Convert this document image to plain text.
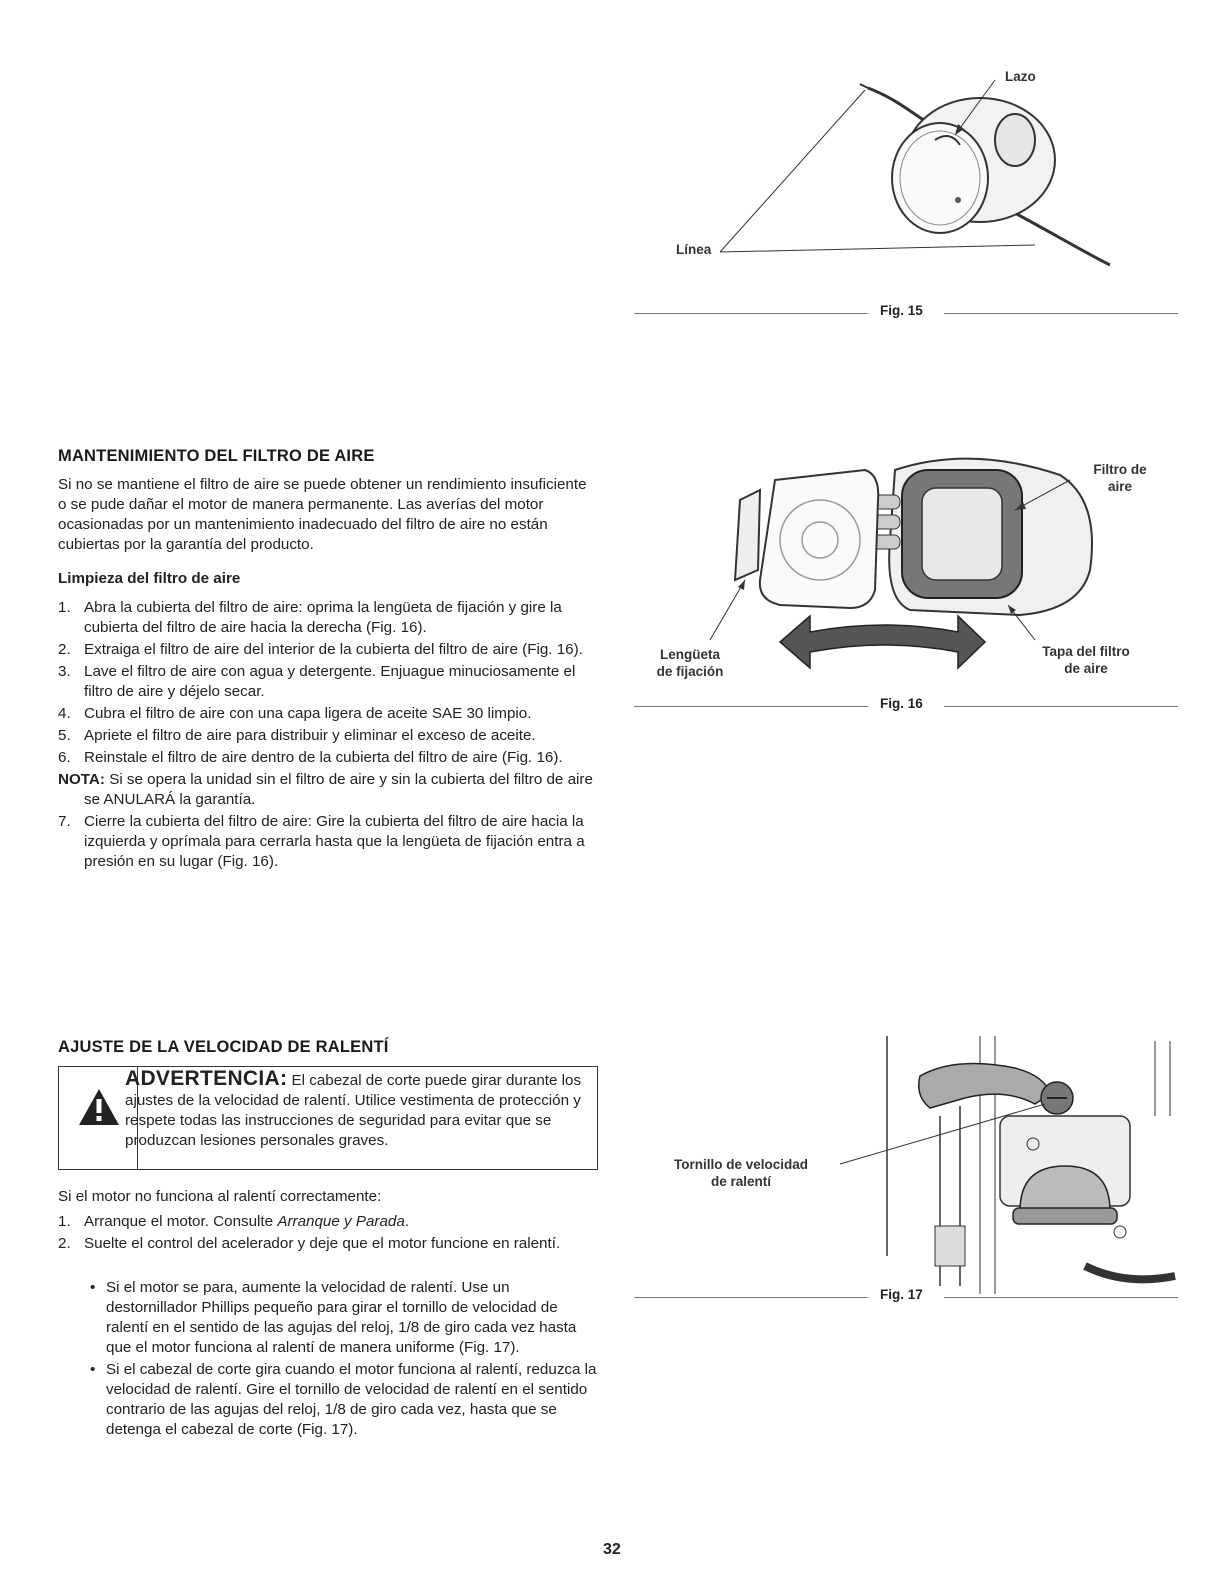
Lazo
Línea
Fig. 15
MANTENIMIENTO DEL FILTRO DE AIRE

Si no se mantiene el filtro de aire se puede obtener un rendimiento insuficiente o se pude dañar el motor de manera permanente. Las averías del motor ocasionadas por un mantenimiento inadecuado del filtro de aire no están cubiertas por la garantía del producto.

Limpieza del filtro de aire
1. Abra la cubierta del filtro de aire: oprima la lengüeta de fijación y gire la cubierta del filtro de aire hacia la derecha (Fig. 16).
2. Extraiga el filtro de aire del interior de la cubierta del filtro de aire (Fig. 16).
3. Lave el filtro de aire con agua y detergente. Enjuague minuciosamente el filtro de aire y déjelo secar.
4. Cubra el filtro de aire con una capa ligera de aceite SAE 30 limpio.
5. Apriete el filtro de aire para distribuir y eliminar el exceso de aceite.
6. Reinstale el filtro de aire dentro de la cubierta del filtro de aire (Fig. 16).
NOTA: Si se opera la unidad sin el filtro de aire y sin la cubierta del filtro de aire se ANULARÁ la garantía.
7. Cierre la cubierta del filtro de aire: Gire la cubierta del filtro de aire hacia la izquierda y oprímala para cerrarla hasta que la lengüeta de fijación entra a presión en su lugar (Fig. 16).
Filtro de
aire
Lengüeta
de fijación
Tapa del filtro
de aire
Fig. 16
AJUSTE DE LA VELOCIDAD DE RALENTÍ
ADVERTENCIA: El cabezal de corte puede girar durante los ajustes de la velocidad de ralentí. Utilice vestimenta de protección y respete todas las instrucciones de seguridad para evitar que se produzcan lesiones personales graves.

Si el motor no funciona al ralentí correctamente:

1. Arranque el motor. Consulte Arranque y Parada.
2. Suelte el control del acelerador y deje que el motor funcione en ralentí.
• Si el motor se para, aumente la velocidad de ralentí. Use un destornillador Phillips pequeño para girar el tornillo de velocidad de ralentí en el sentido de las agujas del reloj, 1/8 de giro cada vez hasta que el motor funciona al ralentí de manera uniforme (Fig. 17).
• Si el cabezal de corte gira cuando el motor funciona al ralentí, reduzca la velocidad de ralentí. Gire el tornillo de velocidad de ralentí en el sentido contrario de las agujas del reloj, 1/8 de giro cada vez, hasta que se detenga el cabezal de corte (Fig. 17).
Tornillo de velocidad
de ralentí
Fig. 17
32
